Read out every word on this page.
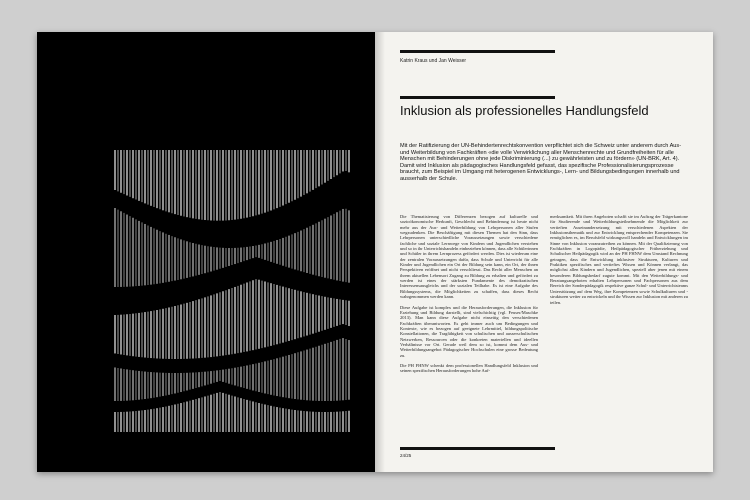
Katrin Kraus und Jan Weisser
Inklusion als professionelles Handlungsfeld
Mit der Ratifizierung der UN-Behindertenrechtskonvention verpflichtet sich die Schweiz unter anderem durch Aus- und Weiterbildung von Fachkräften «die volle Verwirklichung aller Menschenrechte und Grundfreiheiten für alle Menschen mit Behinderungen ohne jede Diskriminierung (...) zu gewährleisten und zu fördern» (UN-BRK, Art. 4). Damit wird Inklusion als pädagogisches Handlungsfeld gefasst, das spezifische Professionalisierungsprozesse braucht, zum Beispiel im Umgang mit heterogenen Entwicklungs-, Lern- und Bildungsbedingungen innerhalb und ausserhalb der Schule.

Die Thematisierung von Differenzen bezogen auf kulturelle und sozioökonomische Herkunft, Geschlecht und Behinderung ist heute nicht mehr aus der Aus- und Weiterbildung von Lehrpersonen aller Stufen wegzudenken. Die Beschäftigung mit diesen Themen hat den Sinn, dass Lehrpersonen unterschiedliche Voraussetzungen sowie verschiedene fachliche und soziale Lernwege von Kindern und Jugendlichen verstehen und so in ihr Unterrichtshandeln einbeziehen können, dass alle Schülerinnen und Schüler in ihrem Lernprozess gefördert werden. Dies ist wiederum eine der zentralen Voraussetzungen dafür, dass Schule und Unterricht für alle Kinder und Jugendlichen ein Ort der Bildung sein kann, ein Ort, der ihnen Perspektiven eröffnet und nicht verschliesst. Das Recht aller Menschen an ihrem aktuellen Lebensort Zugang zu Bildung zu erhalten und gefördert zu werden ist eines der stärksten Fundamente des demokratischen Interessensausgleichs und der sozialen Teilhabe. Es ist eine Aufgabe des Bildungssystems, die Möglichkeiten zu schaffen, dass dieses Recht wahrgenommen werden kann.

Diese Aufgabe ist komplex und die Herausforderungen, die Inklusion für Erziehung und Bildung darstellt, sind vielschichtig (vgl. Feuser/Maschke 2013). Man kann diese Aufgabe nicht einseitig den verschiedenen Fachkräften überantworten. Es geht immer auch um Bedingungen und Kontexte, wie es bezogen auf geeignete Lehrmittel, bildungspolitische Konstellationen, die Tragfähigkeit von schulischen und ausserschulischen Netzwerken, Ressourcen oder die konkreten materiellen und ideellen Verhältnisse vor Ort. Gerade weil dem so ist, kommt dem Aus- und Weiterbildungsangebot Pädagogischer Hochschulen eine grosse Bedeutung zu.

Die PH FHNW schenkt dem professionellen Handlungsfeld Inklusion und seinen spezifischen Herausforderungen hohe Auf-

merksamkeit. Mit ihren Angeboten schafft sie im Auftrag der Trägerkantone für Studierende und Weiterbildungsteilnehmende die Möglichkeit zur vertieften Auseinandersetzung mit verschiedenen Aspekten der Inklusionsthematik und zur Entwicklung entsprechender Kompetenzen. Sie ermöglichen es, im Berufsfeld wirkungsvoll handeln und Entwicklungen im Sinne von Inklusion voranzutreiben zu können. Mit der Qualifizierung von Fachkräften in Logopädie, Heilpädagogischer Früherziehung und Schulischer Heilpädagogik wird an der PH FHNW dem Umstand Rechnung getragen, dass die Entwicklung inklusiver Strukturen, Kulturen und Praktiken spezifisches und vertieftes Wissen und Können verlangt, das möglichst allen Kindern und Jugendlichen, speziell aber jenen mit einem besonderen Bildungsbedarf zugute kommt. Mit den Weiterbildungs- und Beratungsangeboten erhalten Lehrpersonen und Fachpersonen aus dem Bereich der Sonderpädagogik respektive ganze Schul- und Unterrichtsteams Unterstützung auf dem Weg, ihre Kompetenzen sowie Schulkulturen und -strukturen weiter zu entwickeln und ihr Wissen zur Inklusion mit anderen zu teilen.

24/25
